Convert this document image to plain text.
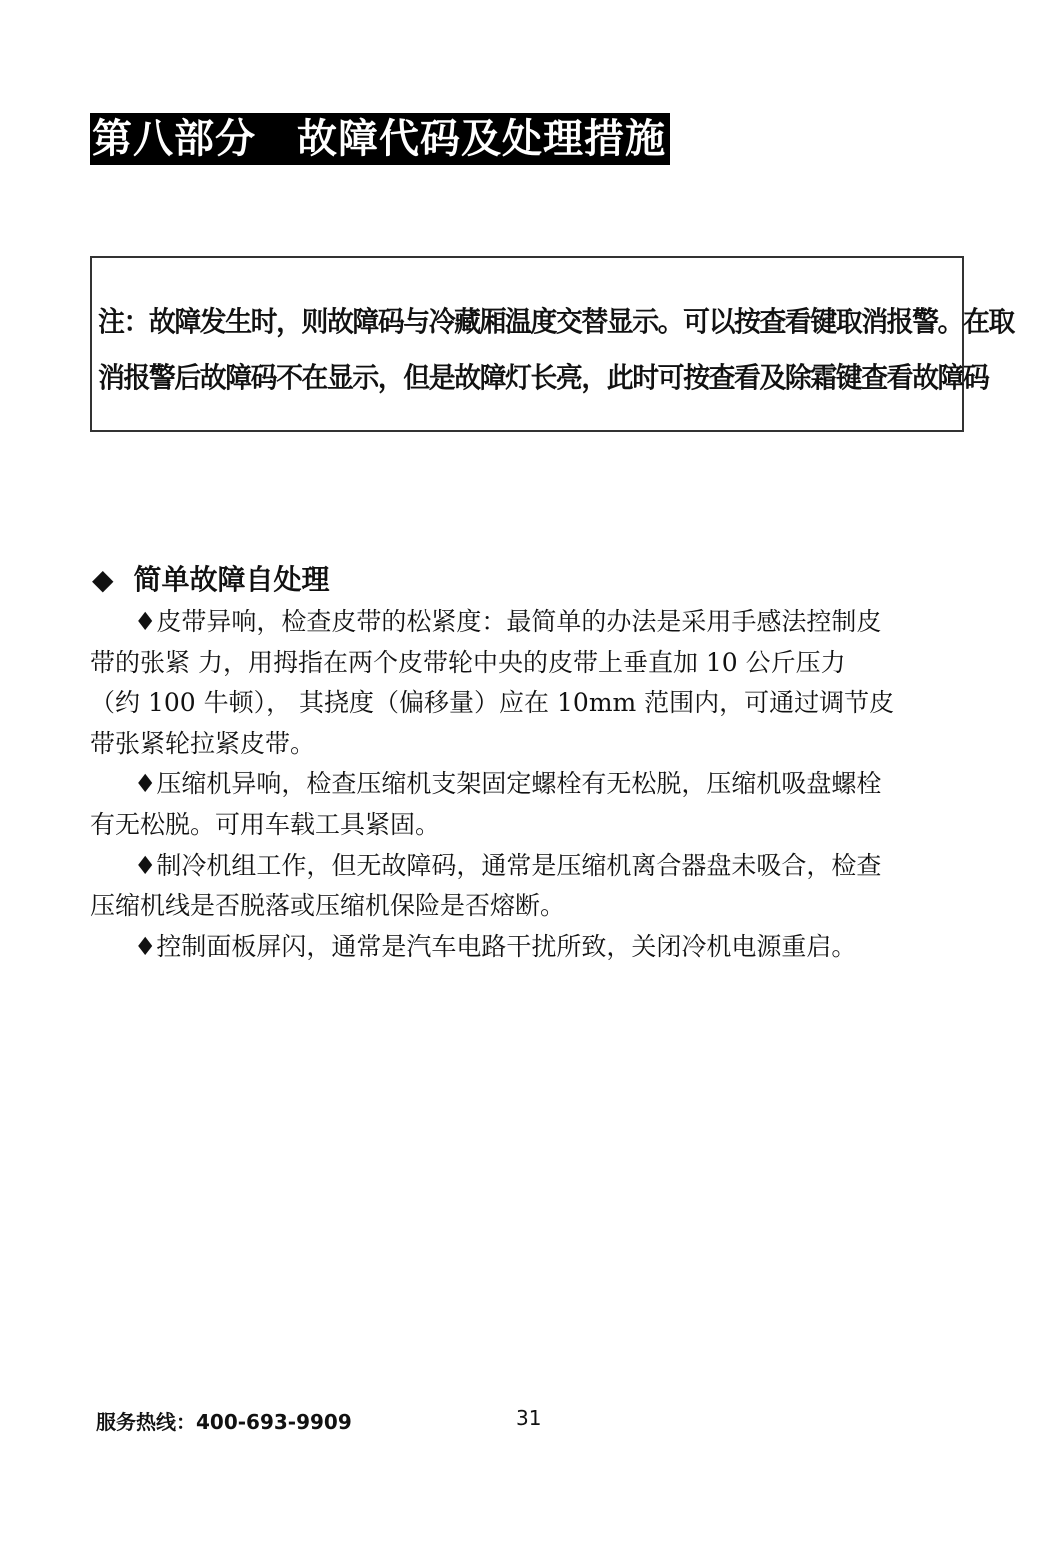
第八部分　故障代码及处理措施

注：故障发生时，则故障码与冷藏厢温度交替显示。可以按查看键取消报警。在取

消报警后故障码不在显示，但是故障灯长亮，此时可按查看及除霜键查看故障码

◆ 简单故障自处理

♦皮带异响，检查皮带的松紧度：最简单的办法是采用手感法控制皮
带的张紧 力，用拇指在两个皮带轮中央的皮带上垂直加 10 公斤压力
（约 100 牛顿）， 其挠度（偏移量）应在 10mm 范围内，可通过调节皮
带张紧轮拉紧皮带。

♦压缩机异响，检查压缩机支架固定螺栓有无松脱，压缩机吸盘螺栓
有无松脱。可用车载工具紧固。

♦制冷机组工作，但无故障码，通常是压缩机离合器盘未吸合，检查
压缩机线是否脱落或压缩机保险是否熔断。

♦控制面板屏闪，通常是汽车电路干扰所致，关闭冷机电源重启。

服务热线：400-693-9909	31
